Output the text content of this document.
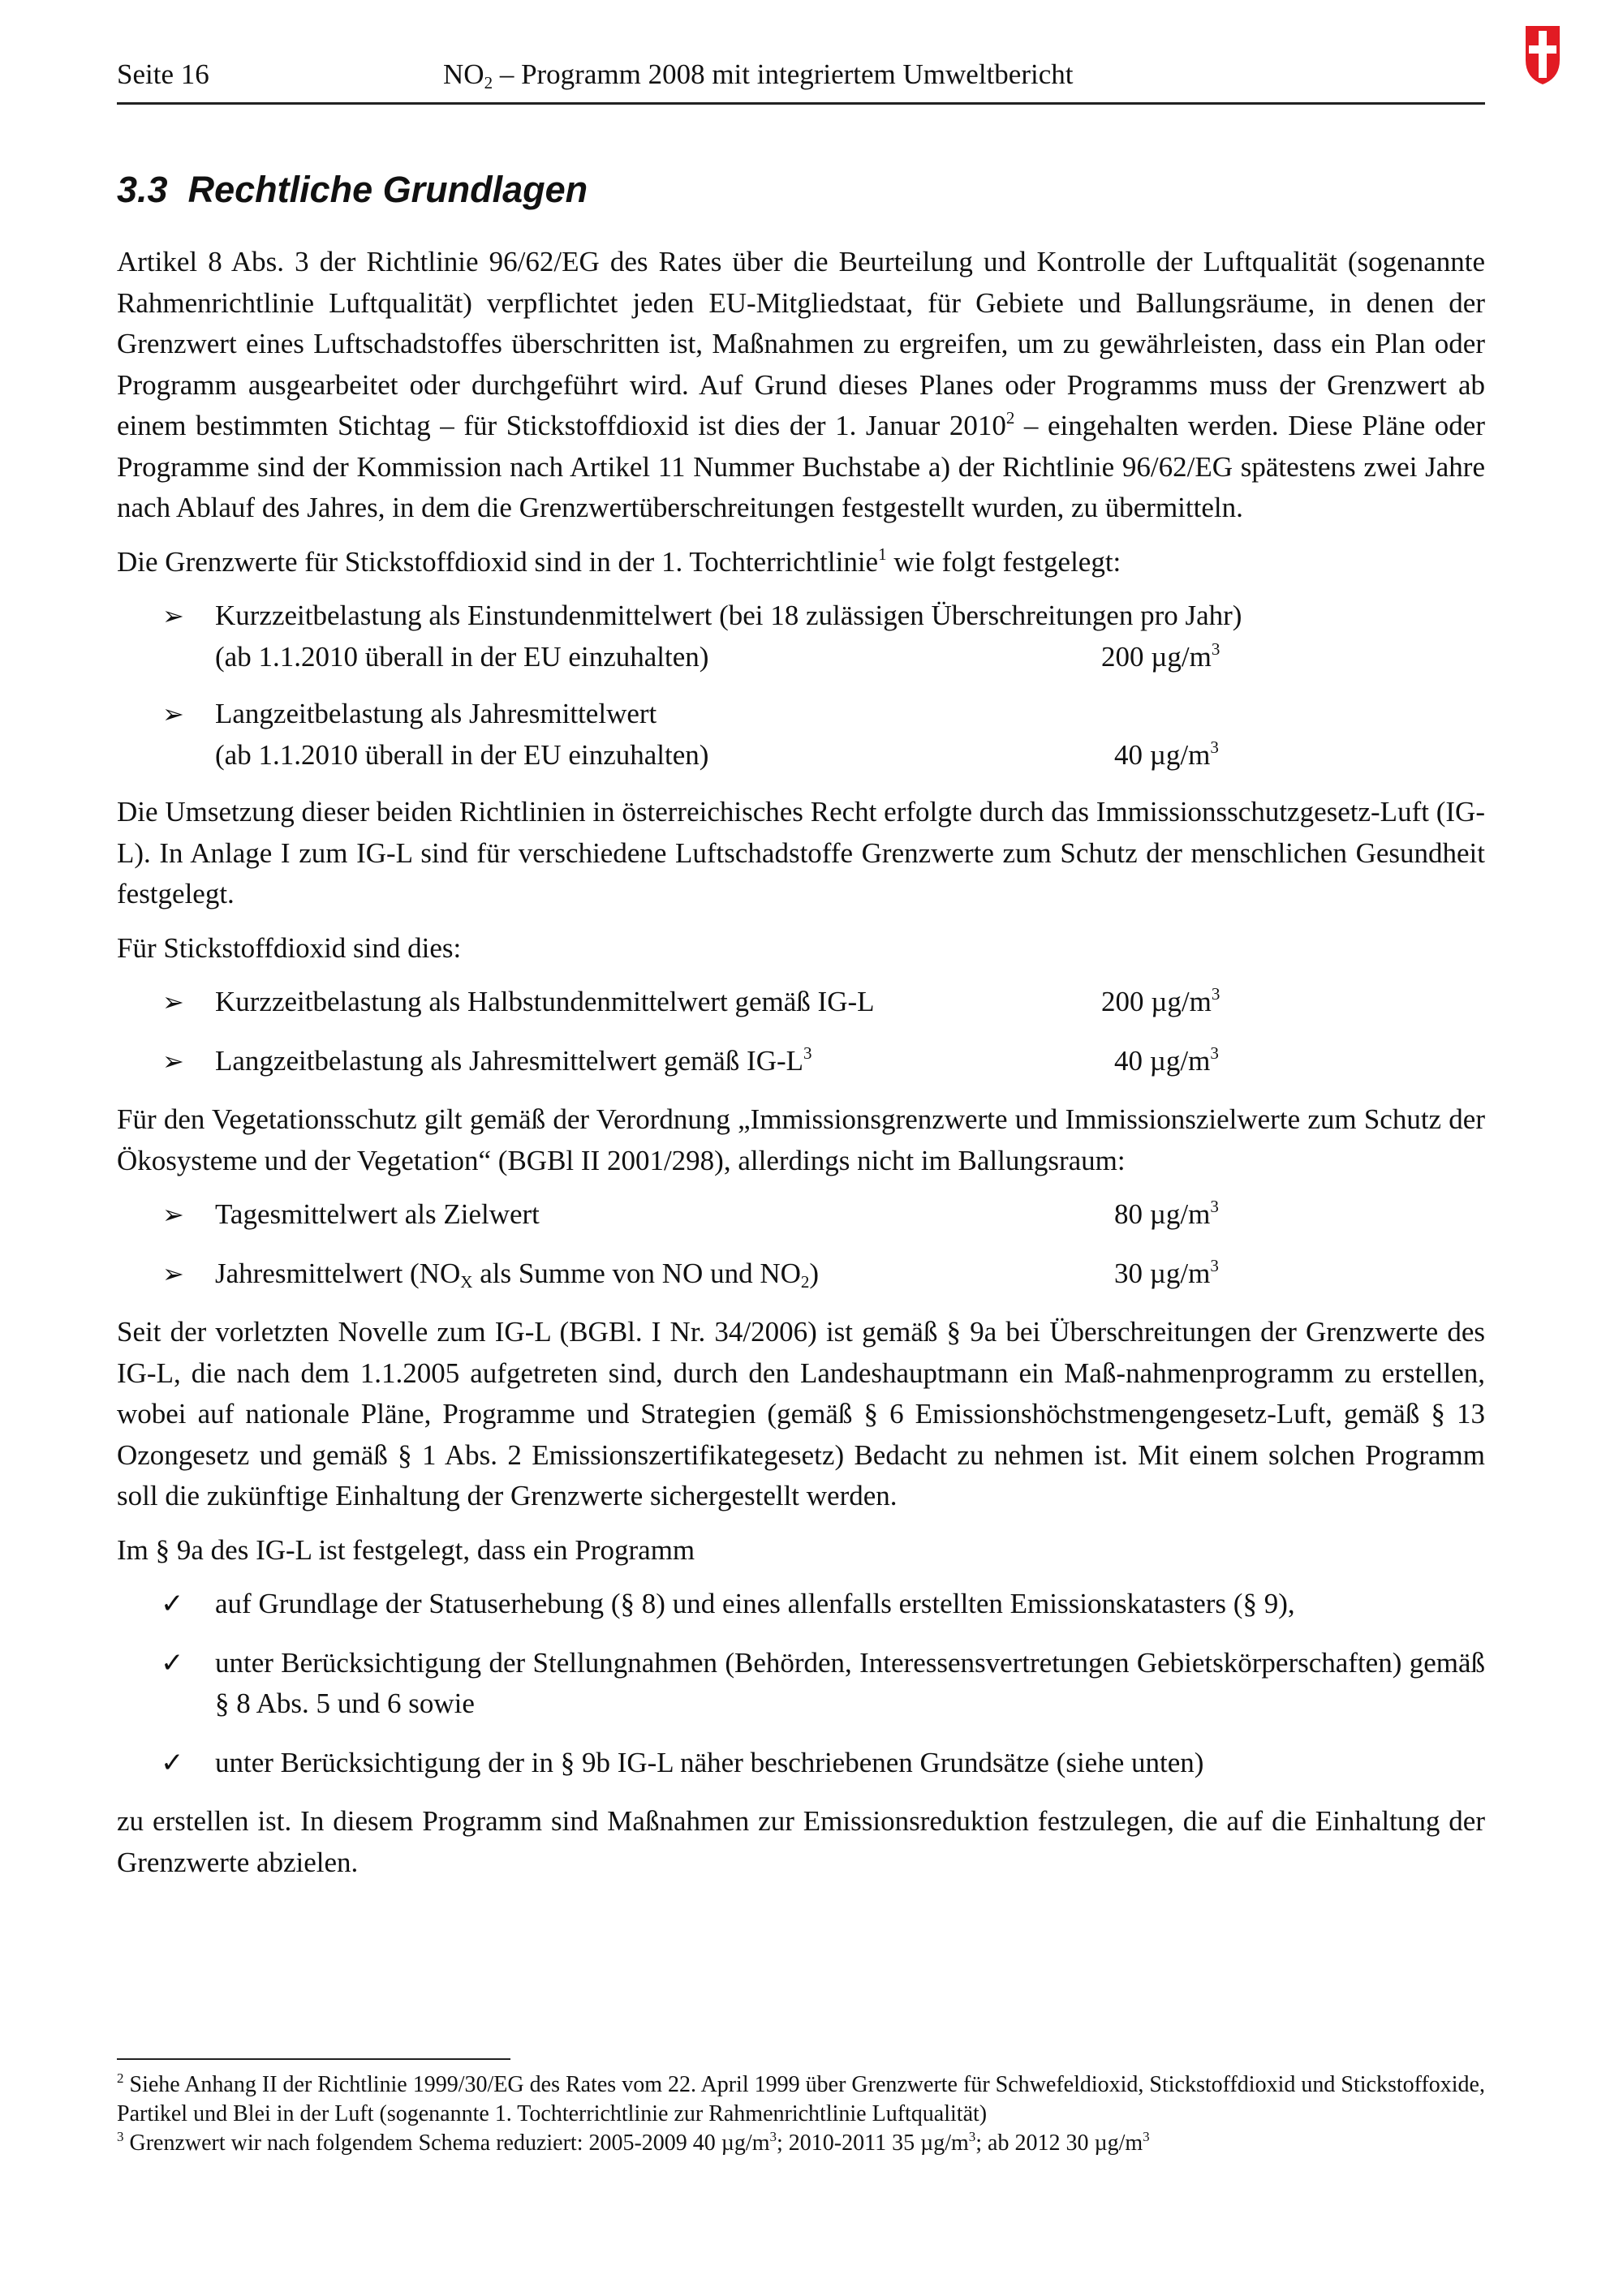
Seite 16	$NO_2$ – Programm 2008 mit integriertem Umweltbericht
3.3 Rechtliche Grundlagen

Artikel 8 Abs. 3 der Richtlinie 96/62/EG des Rates über die Beurteilung und Kontrolle der Luftqualität (sogenannte Rahmenrichtlinie Luftqualität) verpflichtet jeden EU-Mitgliedstaat, für Gebiete und Ballungsräume, in denen der Grenzwert eines Luftschadstoffes überschritten ist, Maßnahmen zu ergreifen, um zu gewährleisten, dass ein Plan oder Programm ausgearbeitet oder durchgeführt wird. Auf Grund dieses Planes oder Programms muss der Grenzwert ab einem bestimmten Stichtag – für Stickstoffdioxid ist dies der 1. Januar 2010$^2$ – eingehalten werden. Diese Pläne oder Programme sind der Kommission nach Artikel 11 Nummer Buchstabe a) der Richtlinie 96/62/EG spätestens zwei Jahre nach Ablauf des Jahres, in dem die Grenzwertüberschreitungen festgestellt wurden, zu übermitteln.

Die Grenzwerte für Stickstoffdioxid sind in der 1. Tochterrichtlinie$^1$ wie folgt festgelegt:

➢ Kurzzeitbelastung als Einstundenmittelwert (bei 18 zulässigen Überschreitungen pro Jahr)
(ab 1.1.2010 überall in der EU einzuhalten)	200 $\mu g/m^3$
➢ Langzeitbelastung als Jahresmittelwert
(ab 1.1.2010 überall in der EU einzuhalten)	40 $\mu g/m^3$

Die Umsetzung dieser beiden Richtlinien in österreichisches Recht erfolgte durch das Immissionsschutzgesetz-Luft (IG-L). In Anlage I zum IG-L sind für verschiedene Luftschadstoffe Grenzwerte zum Schutz der menschlichen Gesundheit festgelegt.

Für Stickstoffdioxid sind dies:

➢ Kurzzeitbelastung als Halbstundenmittelwert gemäß IG-L	200 $\mu g/m^3$
➢ Langzeitbelastung als Jahresmittelwert gemäß $IG-L^3$	40 $\mu g/m^3$

Für den Vegetationsschutz gilt gemäß der Verordnung „Immissionsgrenzwerte und Immissionszielwerte zum Schutz der Ökosysteme und der Vegetation“ (BGBl II 2001/298), allerdings nicht im Ballungsraum:

➢ Tagesmittelwert als Zielwert	80 $\mu g/m^3$
➢ Jahresmittelwert ($NO_X$ als Summe von NO und $NO_2$)	30 $\mu g/m^3$

Seit der vorletzten Novelle zum IG-L (BGBl. I Nr. 34/2006) ist gemäß § 9a bei Überschreitungen der Grenzwerte des IG-L, die nach dem 1.1.2005 aufgetreten sind, durch den Landeshauptmann ein Maß-nahmenprogramm zu erstellen, wobei auf nationale Pläne, Programme und Strategien (gemäß § 6 Emissionshöchstmengengesetz-Luft, gemäß § 13 Ozongesetz und gemäß § 1 Abs. 2 Emissionszertifikategesetz) Bedacht zu nehmen ist. Mit einem solchen Programm soll die zukünftige Einhaltung der Grenzwerte sichergestellt werden.

Im § 9a des IG-L ist festgelegt, dass ein Programm

✓ auf Grundlage der Statuserhebung (§ 8) und eines allenfalls erstellten Emissionskatasters (§ 9),
✓ unter Berücksichtigung der Stellungnahmen (Behörden, Interessensvertretungen Gebietskörperschaften) gemäß § 8 Abs. 5 und 6 sowie
✓ unter Berücksichtigung der in § 9b IG-L näher beschriebenen Grundsätze (siehe unten)

zu erstellen ist. In diesem Programm sind Maßnahmen zur Emissionsreduktion festzulegen, die auf die Einhaltung der Grenzwerte abzielen.

$^2$ Siehe Anhang II der Richtlinie 1999/30/EG des Rates vom 22. April 1999 über Grenzwerte für Schwefeldioxid, Stickstoffdioxid und Stickstoffoxide, Partikel und Blei in der Luft (sogenannte 1. Tochterrichtlinie zur Rahmenrichtlinie Luftqualität)
$^3$ Grenzwert wir nach folgendem Schema reduziert: 2005-2009 40 $\mu g/m^3$; 2010-2011 35 $\mu g/m^3$; ab 2012 30 $\mu g/m^3$
